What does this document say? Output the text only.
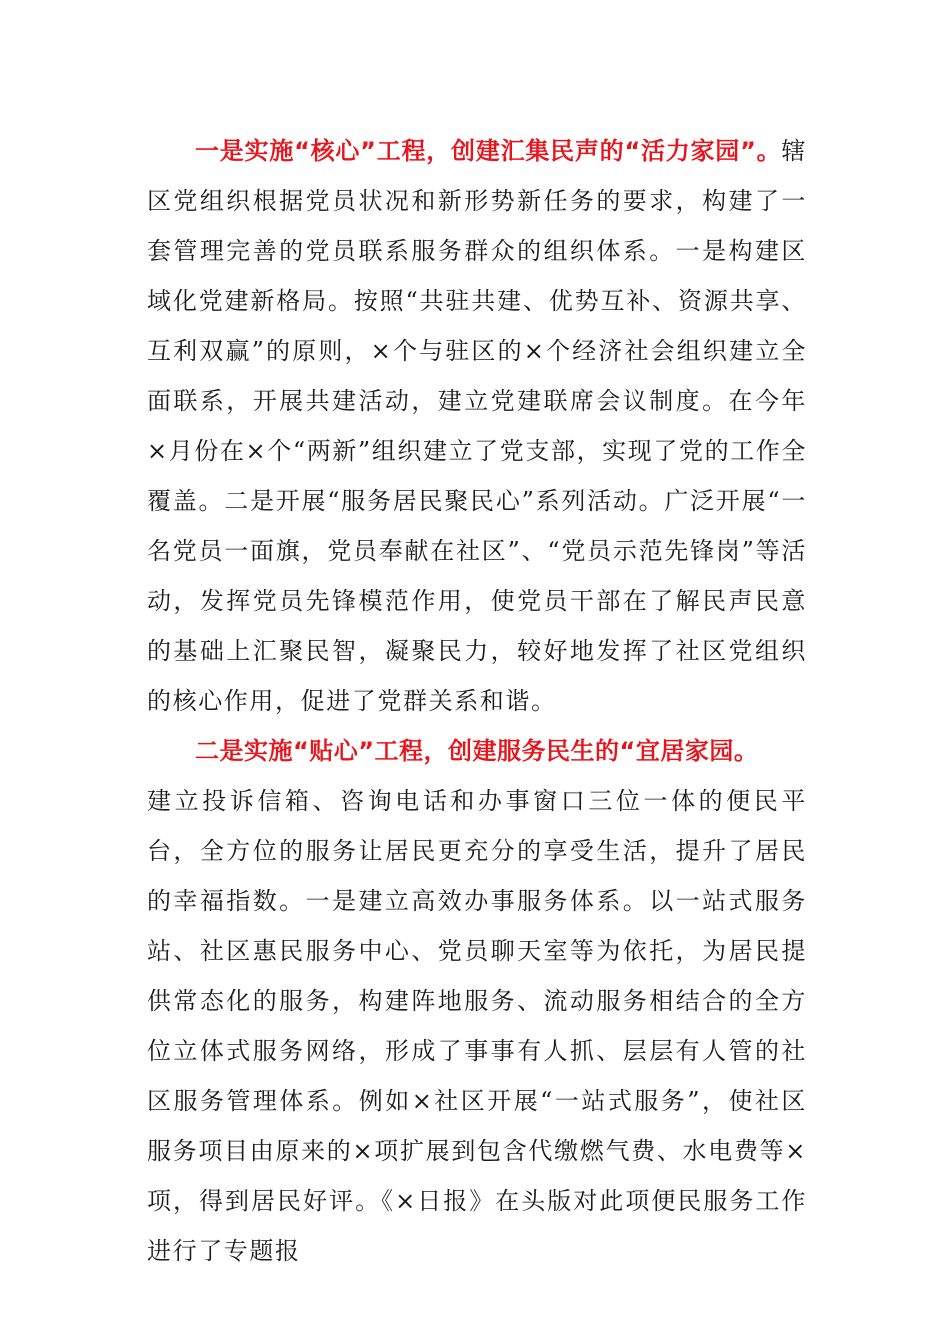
一是实施“核心”工程，创建汇集民声的“活力家园”。辖区党组织根据党员状况和新形势新任务的要求，构建了一套管理完善的党员联系服务群众的组织体系。一是构建区域化党建新格局。按照“共驻共建、优势互补、资源共享、互利双赢”的原则，×个与驻区的×个经济社会组织建立全面联系，开展共建活动，建立党建联席会议制度。在今年×月份在×个“两新”组织建立了党支部，实现了党的工作全覆盖。二是开展“服务居民聚民心”系列活动。广泛开展“一名党员一面旗，党员奉献在社区”、“党员示范先锋岗”等活动，发挥党员先锋模范作用，使党员干部在了解民声民意的基础上汇聚民智，凝聚民力，较好地发挥了社区党组织的核心作用，促进了党群关系和谐。

二是实施“贴心”工程，创建服务民生的“宜居家园。
建立投诉信箱、咨询电话和办事窗口三位一体的便民平台，全方位的服务让居民更充分的享受生活，提升了居民的幸福指数。一是建立高效办事服务体系。以一站式服务站、社区惠民服务中心、党员聊天室等为依托，为居民提供常态化的服务，构建阵地服务、流动服务相结合的全方位立体式服务网络，形成了事事有人抓、层层有人管的社区服务管理体系。例如×社区开展“一站式服务”，使社区服务项目由原来的×项扩展到包含代缴燃气费、水电费等×项，得到居民好评。《×日报》在头版对此项便民服务工作进行了专题报
